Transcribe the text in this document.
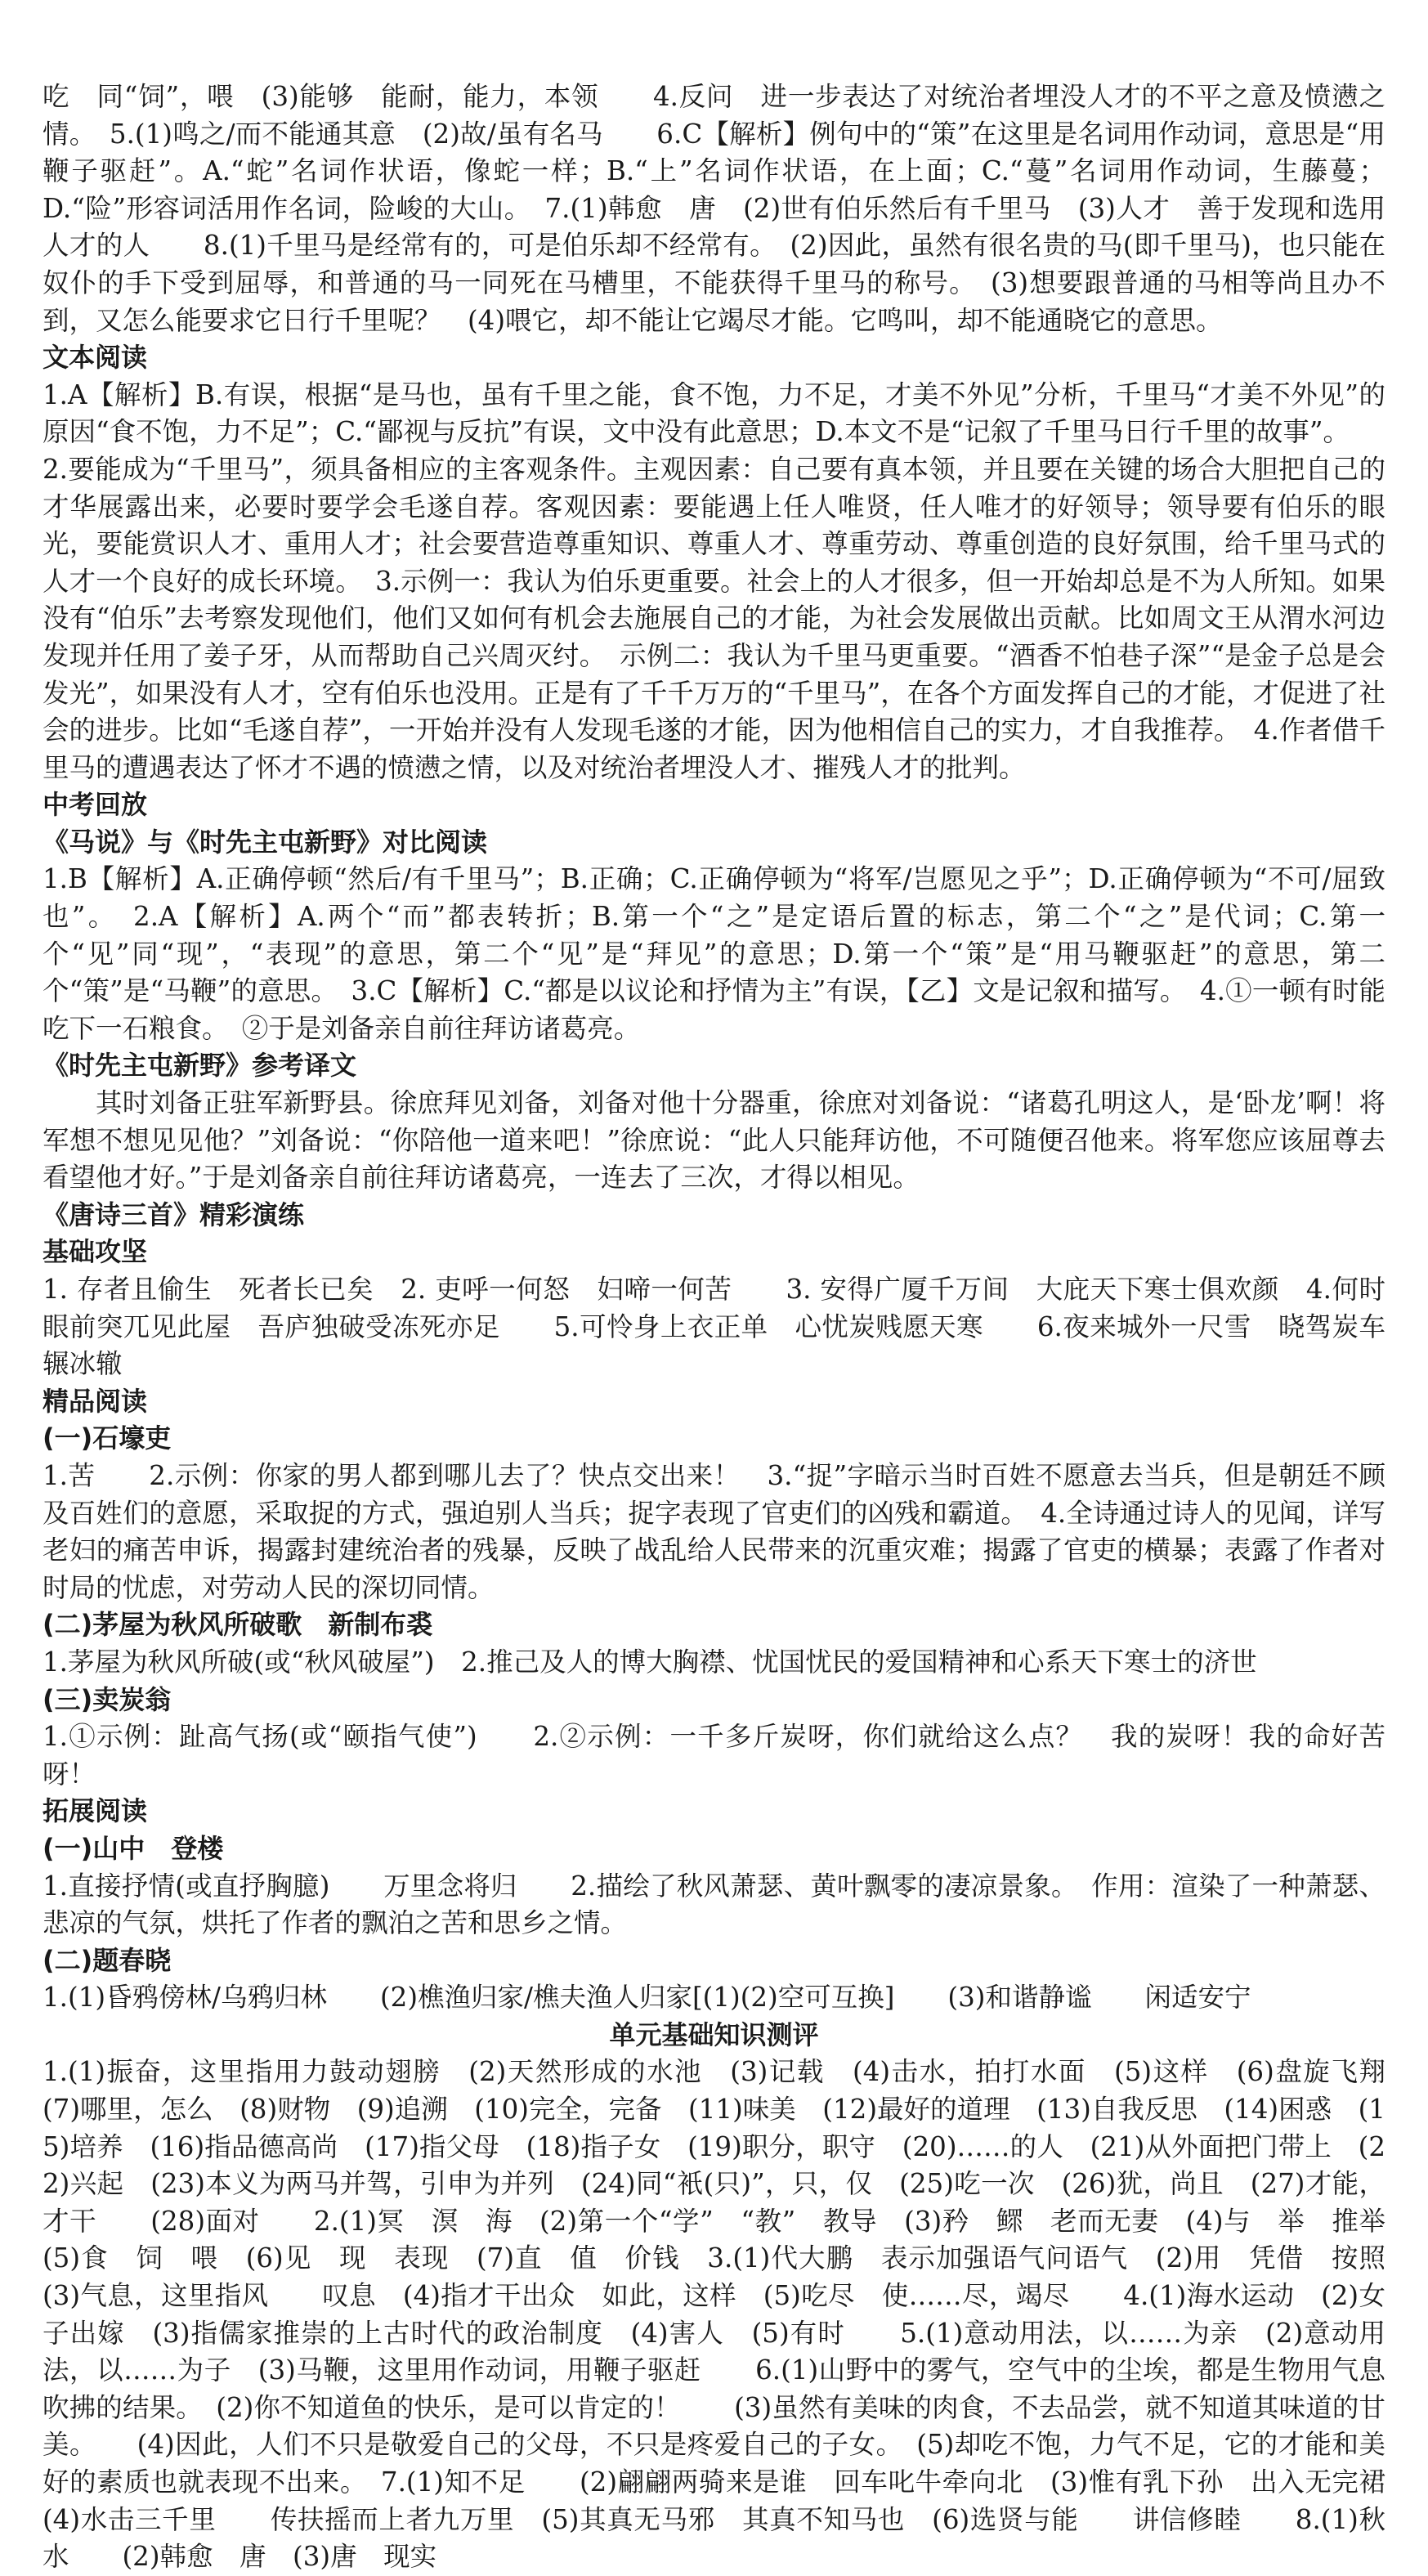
吃　同“饲”，喂　(3)能够　能耐，能力，本领　　4.反问　进一步表达了对统治者埋没人才的不平之意及愤懑之情。　5.(1)鸣之/而不能通其意　(2)故/虽有名马　　6.C【解析】例句中的“策”在这里是名词用作动词，意思是“用鞭子驱赶”。A.“蛇”名词作状语，像蛇一样；B.“上”名词作状语，在上面；C.“蔓”名词用作动词，生藤蔓；D.“险”形容词活用作名词，险峻的大山。　7.(1)韩愈　唐　(2)世有伯乐然后有千里马　(3)人才　善于发现和选用人才的人　　8.(1)千里马是经常有的，可是伯乐却不经常有。　(2)因此，虽然有很名贵的马(即千里马)，也只能在奴仆的手下受到屈辱，和普通的马一同死在马槽里，不能获得千里马的称号。　(3)想要跟普通的马相等尚且办不到，又怎么能要求它日行千里呢？　(4)喂它，却不能让它竭尽才能。它鸣叫，却不能通晓它的意思。

文本阅读

1.A【解析】B.有误，根据“是马也，虽有千里之能，食不饱，力不足，才美不外见”分析，千里马“才美不外见”的原因“食不饱，力不足”；C.“鄙视与反抗”有误，文中没有此意思；D.本文不是“记叙了千里马日行千里的故事”。

2.要能成为“千里马”，须具备相应的主客观条件。主观因素：自己要有真本领，并且要在关键的场合大胆把自己的才华展露出来，必要时要学会毛遂自荐。客观因素：要能遇上任人唯贤，任人唯才的好领导；领导要有伯乐的眼光，要能赏识人才、重用人才；社会要营造尊重知识、尊重人才、尊重劳动、尊重创造的良好氛围，给千里马式的人才一个良好的成长环境。　3.示例一：我认为伯乐更重要。社会上的人才很多，但一开始却总是不为人所知。如果没有“伯乐”去考察发现他们，他们又如何有机会去施展自己的才能，为社会发展做出贡献。比如周文王从渭水河边发现并任用了姜子牙，从而帮助自己兴周灭纣。　示例二：我认为千里马更重要。“酒香不怕巷子深”“是金子总是会发光”，如果没有人才，空有伯乐也没用。正是有了千千万万的“千里马”，在各个方面发挥自己的才能，才促进了社会的进步。比如“毛遂自荐”，一开始并没有人发现毛遂的才能，因为他相信自己的实力，才自我推荐。　4.作者借千里马的遭遇表达了怀才不遇的愤懑之情，以及对统治者埋没人才、摧残人才的批判。

中考回放
《马说》与《时先主屯新野》对比阅读

1.B【解析】A.正确停顿“然后/有千里马”；B.正确；C.正确停顿为“将军/岂愿见之乎”；D.正确停顿为“不可/屈致也”。　2.A【解析】A.两个“而”都表转折；B.第一个“之”是定语后置的标志，第二个“之”是代词；C.第一个“见”同“现”，“表现”的意思，第二个“见”是“拜见”的意思；D.第一个“策”是“用马鞭驱赶”的意思，第二个“策”是“马鞭”的意思。　3.C【解析】C.“都是以议论和抒情为主”有误，【乙】文是记叙和描写。　4.①一顿有时能吃下一石粮食。　②于是刘备亲自前往拜访诸葛亮。

《时先主屯新野》参考译文

其时刘备正驻军新野县。徐庶拜见刘备，刘备对他十分器重，徐庶对刘备说：“诸葛孔明这人，是‘卧龙’啊！将军想不想见见他？”刘备说：“你陪他一道来吧！”徐庶说：“此人只能拜访他，不可随便召他来。将军您应该屈尊去看望他才好。”于是刘备亲自前往拜访诸葛亮，一连去了三次，才得以相见。

《唐诗三首》精彩演练
基础攻坚

1. 存者且偷生　死者长已矣　2. 吏呼一何怒　妇啼一何苦　　3. 安得广厦千万间　大庇天下寒士俱欢颜　4.何时眼前突兀见此屋　吾庐独破受冻死亦足　　5.可怜身上衣正单　心忧炭贱愿天寒　　6.夜来城外一尺雪　晓驾炭车辗冰辙

精品阅读
(一)石壕吏

1.苦　　2.示例：你家的男人都到哪儿去了？快点交出来！　3.“捉”字暗示当时百姓不愿意去当兵，但是朝廷不顾及百姓们的意愿，采取捉的方式，强迫别人当兵；捉字表现了官吏们的凶残和霸道。　4.全诗通过诗人的见闻，详写老妇的痛苦申诉，揭露封建统治者的残暴，反映了战乱给人民带来的沉重灾难；揭露了官吏的横暴；表露了作者对时局的忧虑，对劳动人民的深切同情。

(二)茅屋为秋风所破歌　新制布裘

1.茅屋为秋风所破(或“秋风破屋”)　2.推己及人的博大胸襟、忧国忧民的爱国精神和心系天下寒士的济世

(三)卖炭翁

1.①示例：趾高气扬(或“颐指气使”)　　2.②示例：一千多斤炭呀，你们就给这么点？　我的炭呀！我的命好苦呀！

拓展阅读
(一)山中　登楼

1.直接抒情(或直抒胸臆)　　万里念将归　　2.描绘了秋风萧瑟、黄叶飘零的凄凉景象。　作用：渲染了一种萧瑟、悲凉的气氛，烘托了作者的飘泊之苦和思乡之情。

(二)题春晓

1.(1)昏鸦傍林/乌鸦归林　　(2)樵渔归家/樵夫渔人归家[(1)(2)空可互换]　　(3)和谐静谧　　闲适安宁

单元基础知识测评

1.(1)振奋，这里指用力鼓动翅膀　(2)天然形成的水池　(3)记载　(4)击水，拍打水面　(5)这样　(6)盘旋飞翔　(7)哪里，怎么　(8)财物　(9)追溯　(10)完全，完备　(11)味美　(12)最好的道理　(13)自我反思　(14)困惑　(15)培养　(16)指品德高尚　(17)指父母　(18)指子女　(19)职分，职守　(20)……的人　(21)从外面把门带上　(22)兴起　(23)本义为两马并驾，引申为并列　(24)同“衹(只)”，只，仅　(25)吃一次　(26)犹，尚且　(27)才能，才干　　(28)面对　　2.(1)冥　溟　海　(2)第一个“学”　“教”　教导　(3)矜　鳏　老而无妻　(4)与　举　推举　(5)食　饲　喂　(6)见　现　表现　(7)直　值　价钱　3.(1)代大鹏　表示加强语气问语气　(2)用　凭借　按照　(3)气息，这里指风　　叹息　(4)指才干出众　如此，这样　(5)吃尽　使……尽，竭尽　　4.(1)海水运动　(2)女子出嫁　(3)指儒家推崇的上古时代的政治制度　(4)害人　(5)有时　　5.(1)意动用法，以……为亲　(2)意动用法，以……为子　(3)马鞭，这里用作动词，用鞭子驱赶　　6.(1)山野中的雾气，空气中的尘埃，都是生物用气息吹拂的结果。　(2)你不知道鱼的快乐，是可以肯定的！　　(3)虽然有美味的肉食，不去品尝，就不知道其味道的甘美。　　(4)因此，人们不只是敬爱自己的父母，不只是疼爱自己的子女。　(5)却吃不饱，力气不足，它的才能和美好的素质也就表现不出来。　7.(1)知不足　　(2)翩翩两骑来是谁　回车叱牛牵向北　(3)惟有乳下孙　出入无完裙　(4)水击三千里　　传扶摇而上者九万里　(5)其真无马邪　其真不知马也　(6)选贤与能　　讲信修睦　　8.(1)秋水　　(2)韩愈　唐　(3)唐　现实
